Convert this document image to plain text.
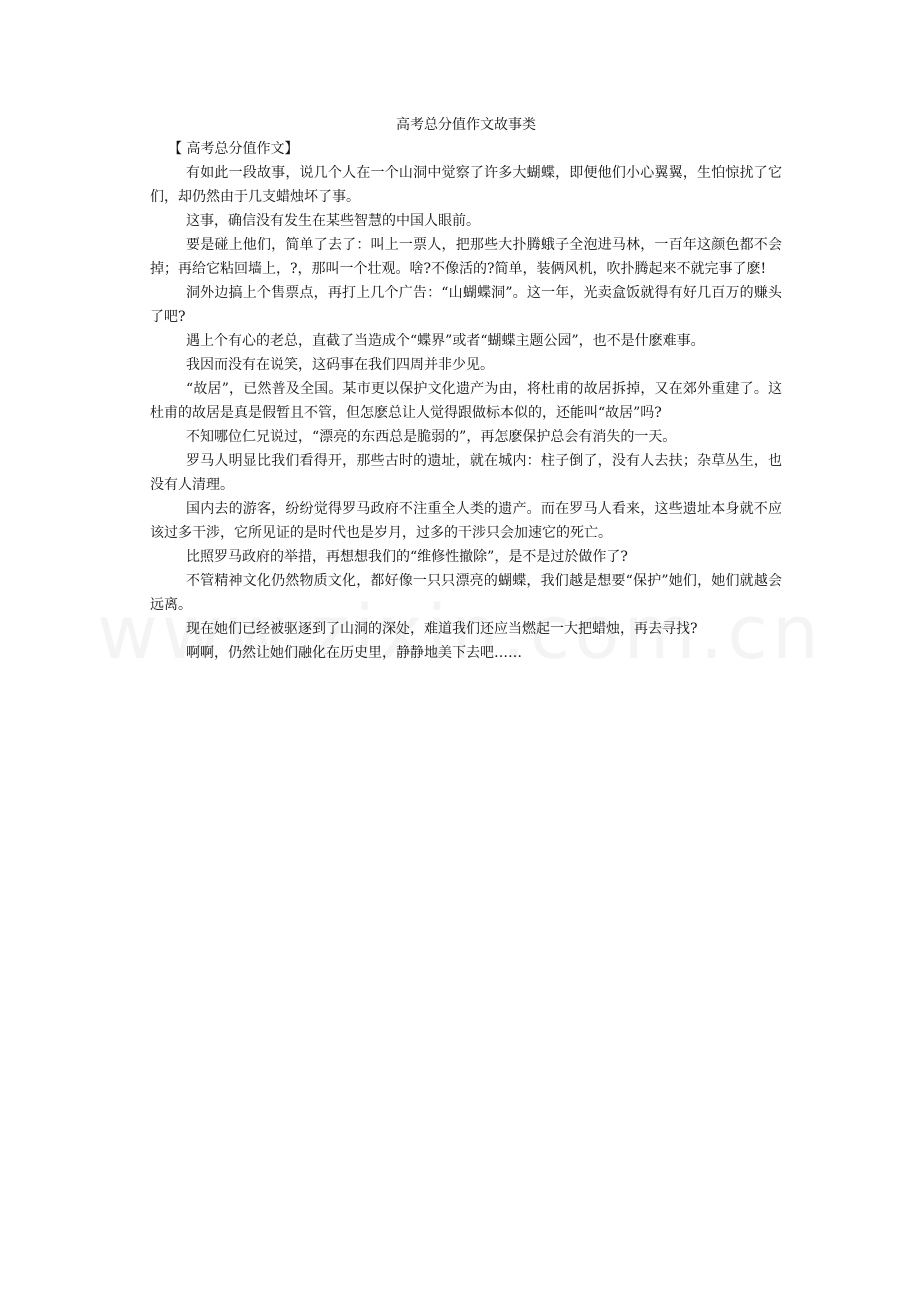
高考总分值作文故事类

【 高考总分值作文】

有如此一段故事，说几个人在一个山洞中觉察了许多大蝴蝶，即便他们小心翼翼，生怕惊扰了它们，却仍然由于几支蜡烛坏了事。

这事，确信没有发生在某些智慧的中国人眼前。

要是碰上他们，简单了去了：叫上一票人，把那些大扑腾蛾子全泡进马林，一百年这颜色都不会掉；再给它粘回墙上，?，那叫一个壮观。啥?不像活的?简单，装俩风机，吹扑腾起来不就完事了麽!

洞外边搞上个售票点，再打上几个广告：“山蝴蝶洞”。这一年，光卖盒饭就得有好几百万的赚头了吧?

遇上个有心的老总，直截了当造成个“蝶界”或者“蝴蝶主题公园”，也不是什麽难事。

我因而没有在说笑，这码事在我们四周并非少见。

“故居”，已然普及全国。某市更以保护文化遗产为由，将杜甫的故居拆掉，又在郊外重建了。这杜甫的故居是真是假暂且不管，但怎麽总让人觉得跟做标本似的，还能叫“故居”吗?

不知哪位仁兄说过，“漂亮的东西总是脆弱的”，再怎麽保护总会有消失的一天。

罗马人明显比我们看得开，那些古时的遗址，就在城内：柱子倒了，没有人去扶；杂草丛生，也没有人清理。

国内去的游客，纷纷觉得罗马政府不注重全人类的遗产。而在罗马人看来，这些遗址本身就不应该过多干涉，它所见证的是时代也是岁月，过多的干涉只会加速它的死亡。

比照罗马政府的举措，再想想我们的“维修性撤除”，是不是过於做作了?

不管精神文化仍然物质文化，都好像一只只漂亮的蝴蝶，我们越是想要“保护”她们，她们就越会远离。

现在她们已经被驱逐到了山洞的深处，难道我们还应当燃起一大把蜡烛，再去寻找?

啊啊，仍然让她们融化在历史里，静静地美下去吧……
